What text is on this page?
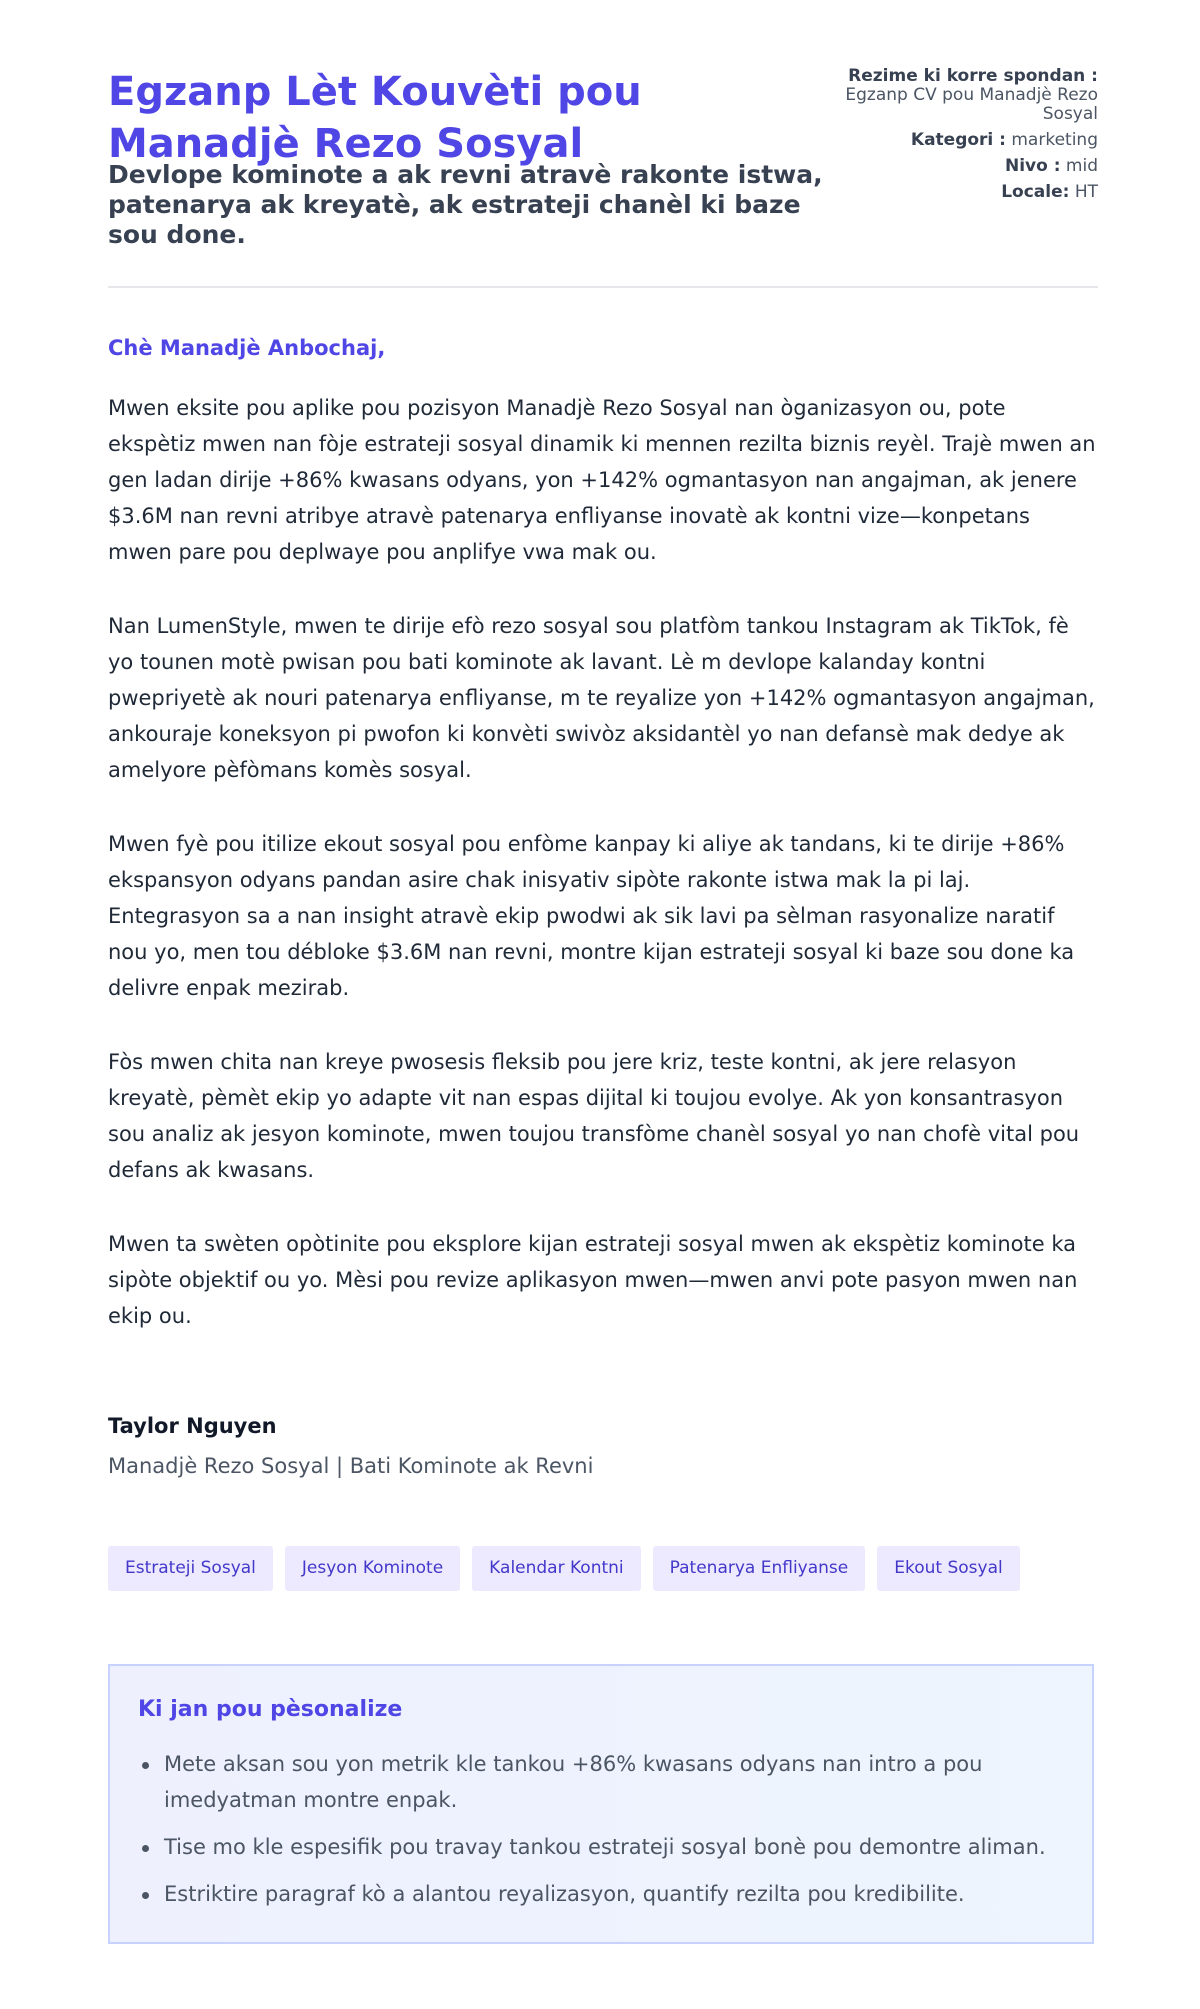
Egzanp Lèt Kouvèti pou Manadjè Rezo Sosyal
Devlope kominote a ak revni atravè rakonte istwa, patenarya ak kreyatè, ak estrateji chanèl ki baze sou done.
Rezime ki korre spondan :
Egzanp CV pou Manadjè Rezo Sosyal
Kategori : marketing
Nivo : mid
Locale: HT

Chè Manadjè Anbochaj,

Mwen eksite pou aplike pou pozisyon Manadjè Rezo Sosyal nan òganizasyon ou, pote ekspètiz mwen nan fòje estrateji sosyal dinamik ki mennen rezilta biznis reyèl. Trajè mwen an gen ladan dirije +86% kwasans odyans, yon +142% ogmantasyon nan angajman, ak jenere $3.6M nan revni atribye atravè patenarya enfliyanse inovatè ak kontni vize—konpetans mwen pare pou deplwaye pou anplifye vwa mak ou.

Nan LumenStyle, mwen te dirije efò rezo sosyal sou platfòm tankou Instagram ak TikTok, fè yo tounen motè pwisan pou bati kominote ak lavant. Lè m devlope kalanday kontni pwepriyetè ak nouri patenarya enfliyanse, m te reyalize yon +142% ogmantasyon angajman, ankouraje koneksyon pi pwofon ki konvèti swivòz aksidantèl yo nan defansè mak dedye ak amelyore pèfòmans komès sosyal.

Mwen fyè pou itilize ekout sosyal pou enfòme kanpay ki aliye ak tandans, ki te dirije +86% ekspansyon odyans pandan asire chak inisyativ sipòte rakonte istwa mak la pi laj. Entegrasyon sa a nan insight atravè ekip pwodwi ak sik lavi pa sèlman rasyonalize naratif nou yo, men tou débloke $3.6M nan revni, montre kijan estrateji sosyal ki baze sou done ka delivre enpak mezirab.

Fòs mwen chita nan kreye pwosesis fleksib pou jere kriz, teste kontni, ak jere relasyon kreyatè, pèmèt ekip yo adapte vit nan espas dijital ki toujou evolye. Ak yon konsantrasyon sou analiz ak jesyon kominote, mwen toujou transfòme chanèl sosyal yo nan chofè vital pou defans ak kwasans.

Mwen ta swèten opòtinite pou eksplore kijan estrateji sosyal mwen ak ekspètiz kominote ka sipòte objektif ou yo. Mèsi pou revize aplikasyon mwen—mwen anvi pote pasyon mwen nan ekip ou.

Taylor Nguyen

Manadjè Rezo Sosyal | Bati Kominote ak Revni

Estrateji Sosyal	Jesyon Kominote	Kalendar Kontni	Patenarya Enfliyanse	Ekout Sosyal
Ki jan pou pèsonalize
Mete aksan sou yon metrik kle tankou +86% kwasans odyans nan intro a pou imedyatman montre enpak.
Tise mo kle espesifik pou travay tankou estrateji sosyal bonè pou demontre aliman.
Estriktire paragraf kò a alantou reyalizasyon, quantify rezilta pou kredibilite.
